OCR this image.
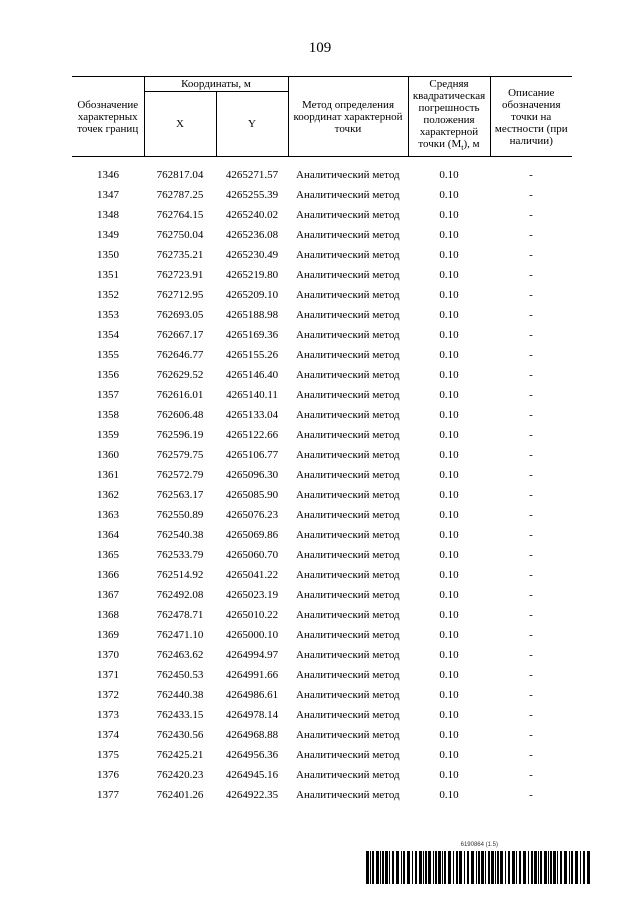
109
Обозначение характерных точек границ	Координаты, м		Метод определения координат характерной точки	Средняя квадратическая погрешность положения характерной точки $(M_t)$, м	Описание обозначения точки на местности (при наличии)
	X	Y			

1346	762817.04	4265271.57	Аналитический метод	0.10	-
1347	762787.25	4265255.39	Аналитический метод	0.10	-
1348	762764.15	4265240.02	Аналитический метод	0.10	-
1349	762750.04	4265236.08	Аналитический метод	0.10	-
1350	762735.21	4265230.49	Аналитический метод	0.10	-
1351	762723.91	4265219.80	Аналитический метод	0.10	-
1352	762712.95	4265209.10	Аналитический метод	0.10	-
1353	762693.05	4265188.98	Аналитический метод	0.10	-
1354	762667.17	4265169.36	Аналитический метод	0.10	-
1355	762646.77	4265155.26	Аналитический метод	0.10	-
1356	762629.52	4265146.40	Аналитический метод	0.10	-
1357	762616.01	4265140.11	Аналитический метод	0.10	-
1358	762606.48	4265133.04	Аналитический метод	0.10	-
1359	762596.19	4265122.66	Аналитический метод	0.10	-
1360	762579.75	4265106.77	Аналитический метод	0.10	-
1361	762572.79	4265096.30	Аналитический метод	0.10	-
1362	762563.17	4265085.90	Аналитический метод	0.10	-
1363	762550.89	4265076.23	Аналитический метод	0.10	-
1364	762540.38	4265069.86	Аналитический метод	0.10	-
1365	762533.79	4265060.70	Аналитический метод	0.10	-
1366	762514.92	4265041.22	Аналитический метод	0.10	-
1367	762492.08	4265023.19	Аналитический метод	0.10	-
1368	762478.71	4265010.22	Аналитический метод	0.10	-
1369	762471.10	4265000.10	Аналитический метод	0.10	-
1370	762463.62	4264994.97	Аналитический метод	0.10	-
1371	762450.53	4264991.66	Аналитический метод	0.10	-
1372	762440.38	4264986.61	Аналитический метод	0.10	-
1373	762433.15	4264978.14	Аналитический метод	0.10	-
1374	762430.56	4264968.88	Аналитический метод	0.10	-
1375	762425.21	4264956.36	Аналитический метод	0.10	-
1376	762420.23	4264945.16	Аналитический метод	0.10	-
1377	762401.26	4264922.35	Аналитический метод	0.10	-
6190864 (1.5)
